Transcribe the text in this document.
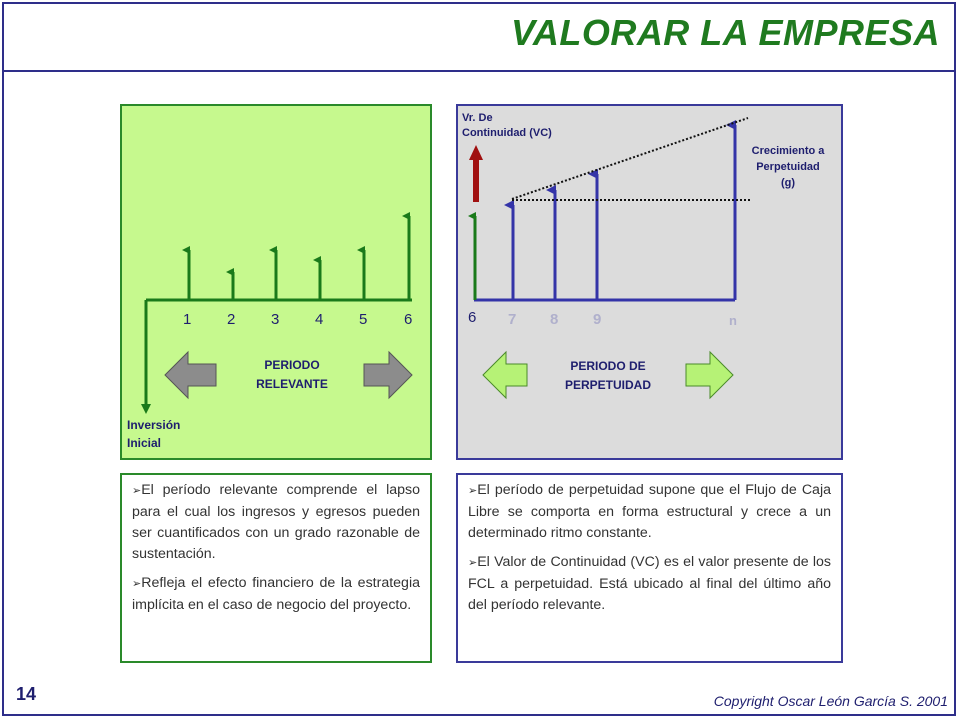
VALORAR LA EMPRESA
1 2 3 4 5 6
PERIODO
RELEVANTE
Inversión
Inicial
Vr. De
Continuidad (VC)
Crecimiento a
Perpetuidad
(g)
6 7 8 9	n
PERIODO DE
PERPETUIDAD

➢El período relevante comprende el lapso para el cual los ingresos y egresos pueden ser cuantificados con un grado razonable de sustentación.

➢Refleja el efecto financiero de la estrategia implícita en el caso de negocio del proyecto.

➢El período de perpetuidad supone que el Flujo de Caja Libre se comporta en forma estructural y crece a un determinado ritmo constante.

➢El Valor de Continuidad (VC) es el valor presente de los FCL a perpetuidad. Está ubicado al final del último año del período relevante.

14	Copyright Oscar León García S. 2001
